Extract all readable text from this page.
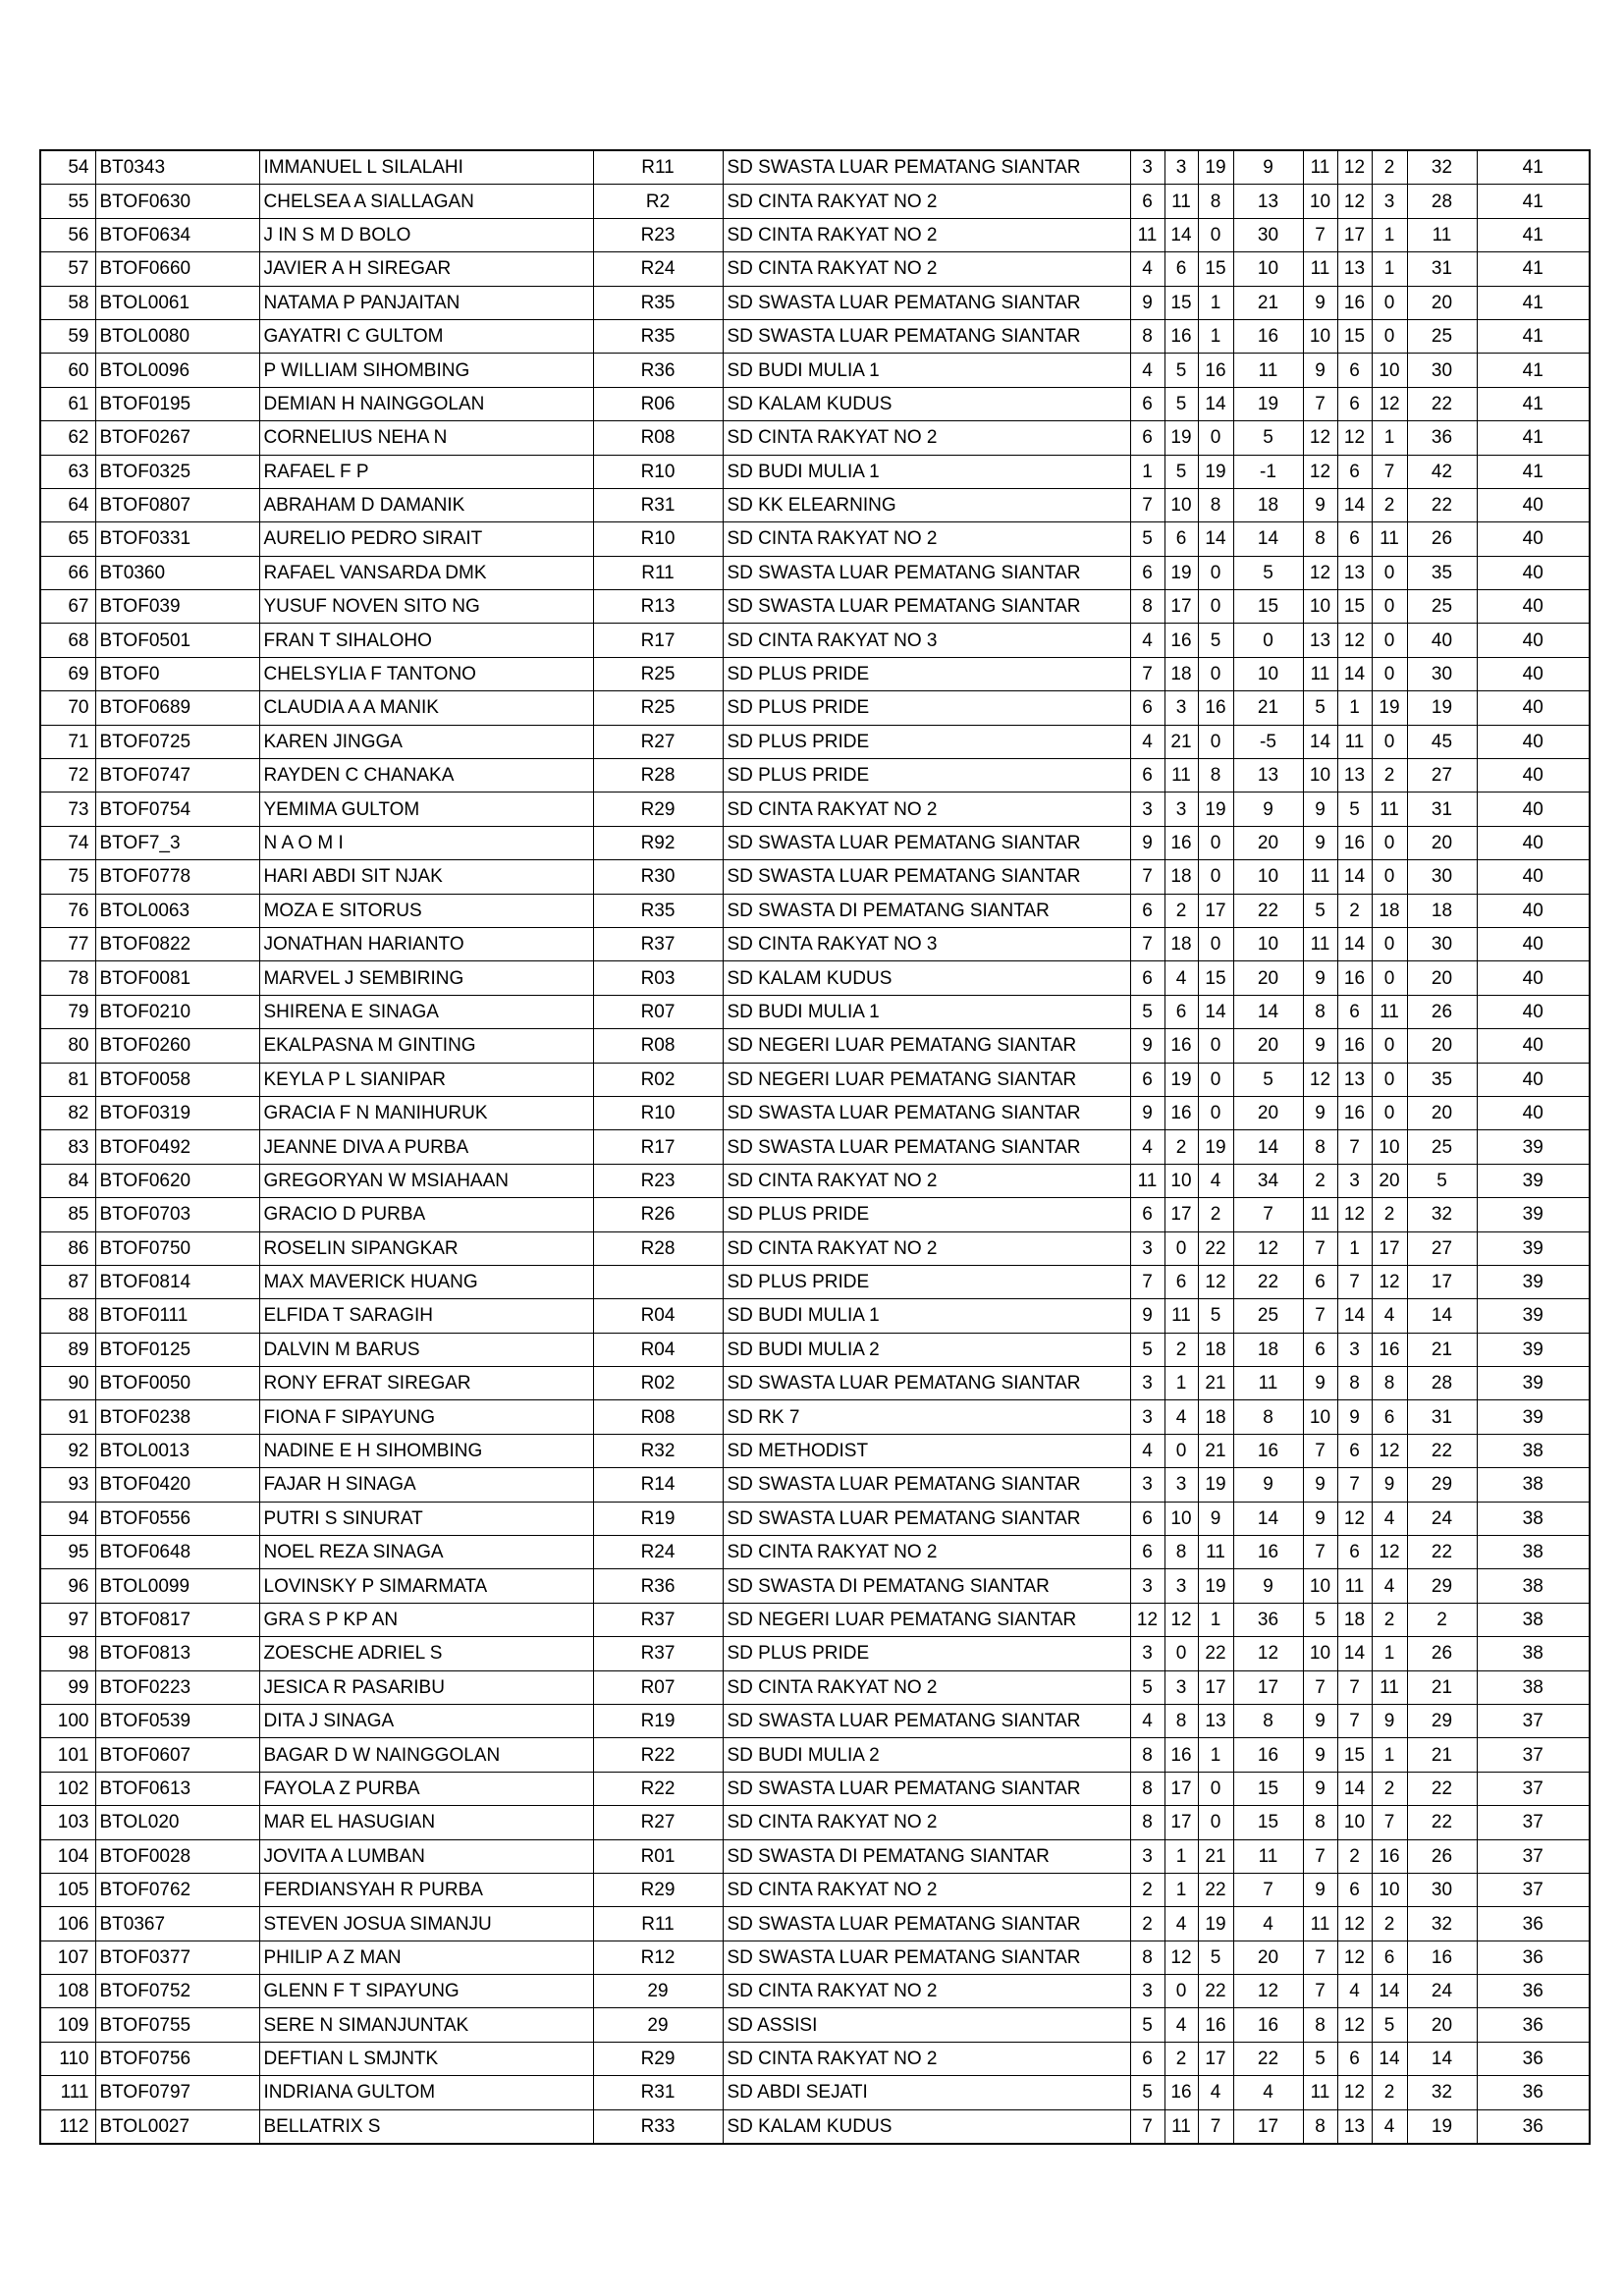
54	BT0343	IMMANUEL L SILALAHI	R11	SD SWASTA LUAR PEMATANG SIANTAR	3	3	19	9	11	12	2	32	41
55	BTOF0630	CHELSEA A SIALLAGAN	R2	SD CINTA RAKYAT NO 2	6	11	8	13	10	12	3	28	41
56	BTOF0634	J IN S M D BOLO	R23	SD CINTA RAKYAT NO 2	11	14	0	30	7	17	1	11	41
57	BTOF0660	JAVIER A H SIREGAR	R24	SD CINTA RAKYAT NO 2	4	6	15	10	11	13	1	31	41
58	BTOL0061	NATAMA P PANJAITAN	R35	SD SWASTA LUAR PEMATANG SIANTAR	9	15	1	21	9	16	0	20	41
59	BTOL0080	GAYATRI C GULTOM	R35	SD SWASTA LUAR PEMATANG SIANTAR	8	16	1	16	10	15	0	25	41
60	BTOL0096	P WILLIAM SIHOMBING	R36	SD BUDI MULIA 1	4	5	16	11	9	6	10	30	41
61	BTOF0195	DEMIAN H NAINGGOLAN	R06	SD KALAM KUDUS	6	5	14	19	7	6	12	22	41
62	BTOF0267	CORNELIUS NEHA N	R08	SD CINTA RAKYAT NO 2	6	19	0	5	12	12	1	36	41
63	BTOF0325	RAFAEL F P	R10	SD BUDI MULIA 1	1	5	19	-1	12	6	7	42	41
64	BTOF0807	ABRAHAM D DAMANIK	R31	SD KK ELEARNING	7	10	8	18	9	14	2	22	40
65	BTOF0331	AURELIO PEDRO SIRAIT	R10	SD CINTA RAKYAT NO 2	5	6	14	14	8	6	11	26	40
66	BT0360	RAFAEL VANSARDA DMK	R11	SD SWASTA LUAR PEMATANG SIANTAR	6	19	0	5	12	13	0	35	40
67	BTOF039	YUSUF NOVEN SITO NG	R13	SD SWASTA LUAR PEMATANG SIANTAR	8	17	0	15	10	15	0	25	40
68	BTOF0501	FRAN T SIHALOHO	R17	SD CINTA RAKYAT NO 3	4	16	5	0	13	12	0	40	40
69	BTOF0	CHELSYLIA F TANTONO	R25	SD PLUS PRIDE	7	18	0	10	11	14	0	30	40
70	BTOF0689	CLAUDIA A A MANIK	R25	SD PLUS PRIDE	6	3	16	21	5	1	19	19	40
71	BTOF0725	KAREN JINGGA	R27	SD PLUS PRIDE	4	21	0	-5	14	11	0	45	40
72	BTOF0747	RAYDEN C CHANAKA	R28	SD PLUS PRIDE	6	11	8	13	10	13	2	27	40
73	BTOF0754	YEMIMA GULTOM	R29	SD CINTA RAKYAT NO 2	3	3	19	9	9	5	11	31	40
74	BTOF7_3	N A O M I	R92	SD SWASTA LUAR PEMATANG SIANTAR	9	16	0	20	9	16	0	20	40
75	BTOF0778	HARI ABDI SIT NJAK	R30	SD SWASTA LUAR PEMATANG SIANTAR	7	18	0	10	11	14	0	30	40
76	BTOL0063	MOZA E SITORUS	R35	SD SWASTA DI PEMATANG SIANTAR	6	2	17	22	5	2	18	18	40
77	BTOF0822	JONATHAN HARIANTO	R37	SD CINTA RAKYAT NO 3	7	18	0	10	11	14	0	30	40
78	BTOF0081	MARVEL J SEMBIRING	R03	SD KALAM KUDUS	6	4	15	20	9	16	0	20	40
79	BTOF0210	SHIRENA E SINAGA	R07	SD BUDI MULIA 1	5	6	14	14	8	6	11	26	40
80	BTOF0260	EKALPASNA M GINTING	R08	SD NEGERI LUAR PEMATANG SIANTAR	9	16	0	20	9	16	0	20	40
81	BTOF0058	KEYLA P L SIANIPAR	R02	SD NEGERI LUAR PEMATANG SIANTAR	6	19	0	5	12	13	0	35	40
82	BTOF0319	GRACIA F N MANIHURUK	R10	SD SWASTA LUAR PEMATANG SIANTAR	9	16	0	20	9	16	0	20	40
83	BTOF0492	JEANNE DIVA A PURBA	R17	SD SWASTA LUAR PEMATANG SIANTAR	4	2	19	14	8	7	10	25	39
84	BTOF0620	GREGORYAN W MSIAHAAN	R23	SD CINTA RAKYAT NO 2	11	10	4	34	2	3	20	5	39
85	BTOF0703	GRACIO D PURBA	R26	SD PLUS PRIDE	6	17	2	7	11	12	2	32	39
86	BTOF0750	ROSELIN SIPANGKAR	R28	SD CINTA RAKYAT NO 2	3	0	22	12	7	1	17	27	39
87	BTOF0814	MAX MAVERICK HUANG		SD PLUS PRIDE	7	6	12	22	6	7	12	17	39
88	BTOF0111	ELFIDA T SARAGIH	R04	SD BUDI MULIA 1	9	11	5	25	7	14	4	14	39
89	BTOF0125	DALVIN M BARUS	R04	SD BUDI MULIA 2	5	2	18	18	6	3	16	21	39
90	BTOF0050	RONY EFRAT SIREGAR	R02	SD SWASTA LUAR PEMATANG SIANTAR	3	1	21	11	9	8	8	28	39
91	BTOF0238	FIONA F SIPAYUNG	R08	SD RK 7	3	4	18	8	10	9	6	31	39
92	BTOL0013	NADINE E H SIHOMBING	R32	SD METHODIST	4	0	21	16	7	6	12	22	38
93	BTOF0420	FAJAR H SINAGA	R14	SD SWASTA LUAR PEMATANG SIANTAR	3	3	19	9	9	7	9	29	38
94	BTOF0556	PUTRI S SINURAT	R19	SD SWASTA LUAR PEMATANG SIANTAR	6	10	9	14	9	12	4	24	38
95	BTOF0648	NOEL REZA SINAGA	R24	SD CINTA RAKYAT NO 2	6	8	11	16	7	6	12	22	38
96	BTOL0099	LOVINSKY P SIMARMATA	R36	SD SWASTA DI PEMATANG SIANTAR	3	3	19	9	10	11	4	29	38
97	BTOF0817	GRA S P KP AN	R37	SD NEGERI LUAR PEMATANG SIANTAR	12	12	1	36	5	18	2	2	38
98	BTOF0813	ZOESCHE ADRIEL S	R37	SD PLUS PRIDE	3	0	22	12	10	14	1	26	38
99	BTOF0223	JESICA R PASARIBU	R07	SD CINTA RAKYAT NO 2	5	3	17	17	7	7	11	21	38
100	BTOF0539	DITA J SINAGA	R19	SD SWASTA LUAR PEMATANG SIANTAR	4	8	13	8	9	7	9	29	37
101	BTOF0607	BAGAR D W NAINGGOLAN	R22	SD BUDI MULIA 2	8	16	1	16	9	15	1	21	37
102	BTOF0613	FAYOLA Z PURBA	R22	SD SWASTA LUAR PEMATANG SIANTAR	8	17	0	15	9	14	2	22	37
103	BTOL020	MAR EL HASUGIAN	R27	SD CINTA RAKYAT NO 2	8	17	0	15	8	10	7	22	37
104	BTOF0028	JOVITA A LUMBAN	R01	SD SWASTA DI PEMATANG SIANTAR	3	1	21	11	7	2	16	26	37
105	BTOF0762	FERDIANSYAH R PURBA	R29	SD CINTA RAKYAT NO 2	2	1	22	7	9	6	10	30	37
106	BT0367	STEVEN JOSUA SIMANJU	R11	SD SWASTA LUAR PEMATANG SIANTAR	2	4	19	4	11	12	2	32	36
107	BTOF0377	PHILIP A Z MAN	R12	SD SWASTA LUAR PEMATANG SIANTAR	8	12	5	20	7	12	6	16	36
108	BTOF0752	GLENN F T SIPAYUNG	29	SD CINTA RAKYAT NO 2	3	0	22	12	7	4	14	24	36
109	BTOF0755	SERE N SIMANJUNTAK	29	SD ASSISI	5	4	16	16	8	12	5	20	36
110	BTOF0756	DEFTIAN L SMJNTK	R29	SD CINTA RAKYAT NO 2	6	2	17	22	5	6	14	14	36
111	BTOF0797	INDRIANA GULTOM	R31	SD ABDI SEJATI	5	16	4	4	11	12	2	32	36
112	BTOL0027	BELLATRIX S	R33	SD KALAM KUDUS	7	11	7	17	8	13	4	19	36
